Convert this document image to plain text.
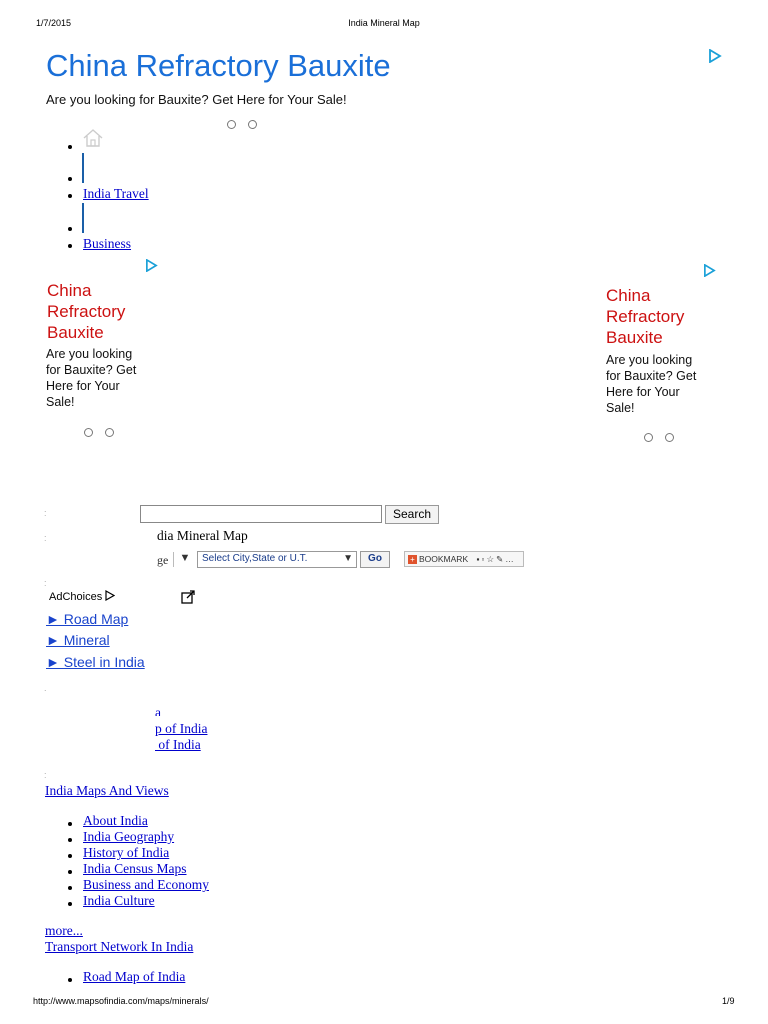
1/7/2015	India Mineral Map
China Refractory Bauxite
Are you looking for Bauxite? Get Here for Your Sale!
India Travel
Business
China
Refractory
Bauxite
Are you looking
for Bauxite? Get
Here for Your
Sale!
China
Refractory
Bauxite
Are you looking
for Bauxite? Get
Here for Your
Sale!
:	Search
:	dia Mineral Map
ge	▼	Select City,State or U.T.	▼	Go	+ BOOKMARK ▪▫☆✎…
:
AdChoices
► Road Map
► Mineral
► Steel in India
.
a
p of India
of India
:
India Maps And Views
About India
India Geography
History of India
India Census Maps
Business and Economy
India Culture
more...
Transport Network In India
Road Map of India
http://www.mapsofindia.com/maps/minerals/	1/9
